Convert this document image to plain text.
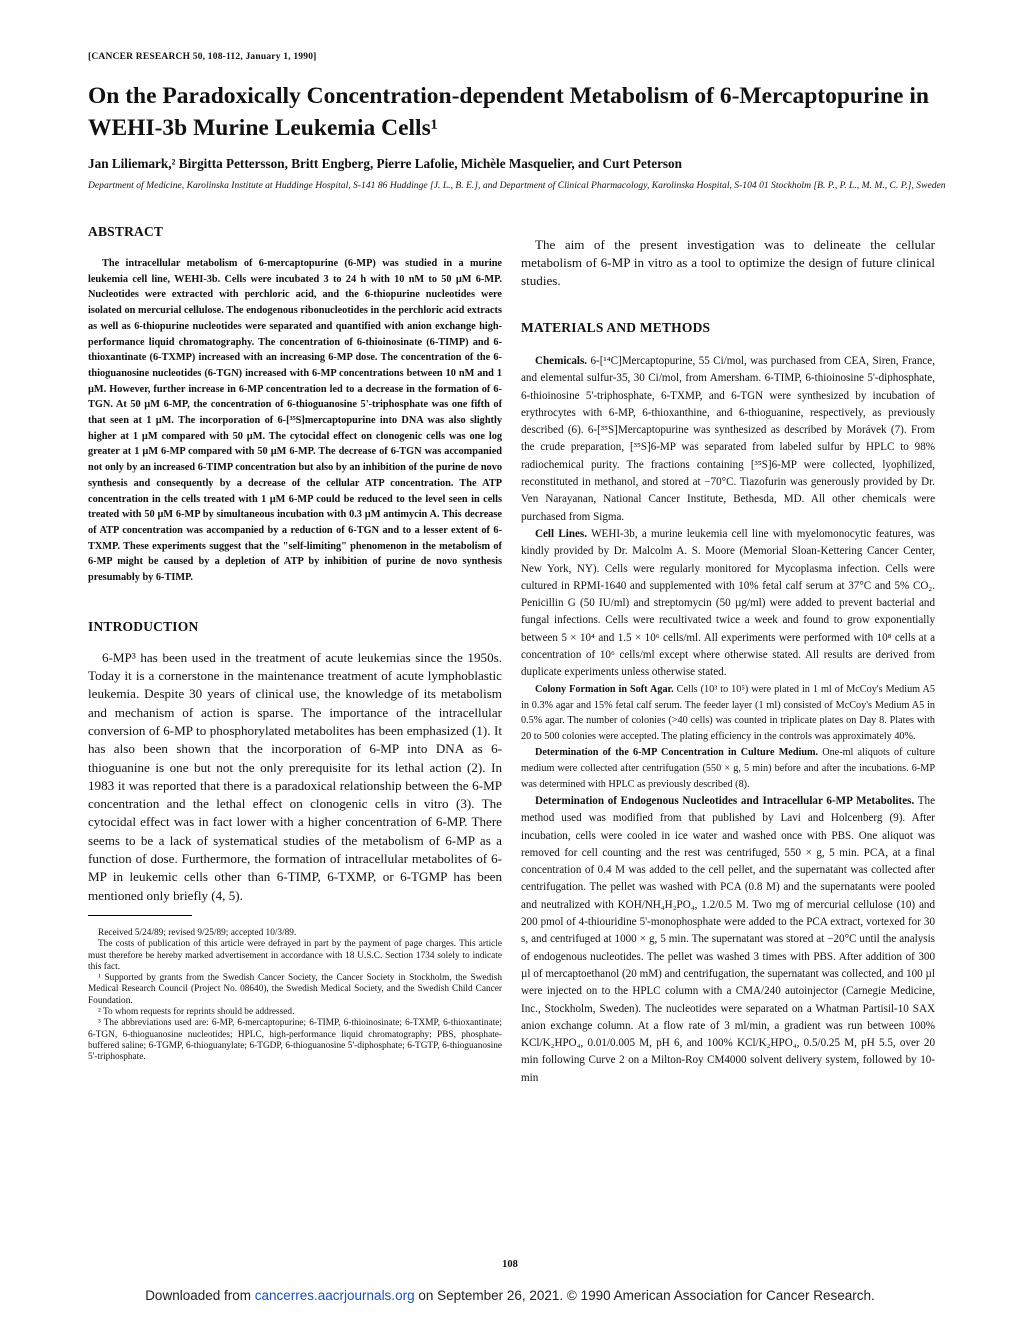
[CANCER RESEARCH 50, 108-112, January 1, 1990]
On the Paradoxically Concentration-dependent Metabolism of 6-Mercaptopurine in WEHI-3b Murine Leukemia Cells¹
Jan Liliemark,² Birgitta Pettersson, Britt Engberg, Pierre Lafolie, Michèle Masquelier, and Curt Peterson
Department of Medicine, Karolinska Institute at Huddinge Hospital, S-141 86 Huddinge [J. L., B. E.], and Department of Clinical Pharmacology, Karolinska Hospital, S-104 01 Stockholm [B. P., P. L., M. M., C. P.], Sweden
ABSTRACT

The intracellular metabolism of 6-mercaptopurine (6-MP) was studied in a murine leukemia cell line, WEHI-3b. Cells were incubated 3 to 24 h with 10 nM to 50 µM 6-MP. Nucleotides were extracted with perchloric acid, and the 6-thiopurine nucleotides were isolated on mercurial cellulose. The endogenous ribonucleotides in the perchloric acid extracts as well as 6-thiopurine nucleotides were separated and quantified with anion exchange high-performance liquid chromatography. The concentration of 6-thioinosinate (6-TIMP) and 6-thioxantinate (6-TXMP) increased with an increasing 6-MP dose. The concentration of the 6-thioguanosine nucleotides (6-TGN) increased with 6-MP concentrations between 10 nM and 1 µM. However, further increase in 6-MP concentration led to a decrease in the formation of 6-TGN. At 50 µM 6-MP, the concentration of 6-thioguanosine 5'-triphosphate was one fifth of that seen at 1 µM. The incorporation of 6-[³⁵S]mercaptopurine into DNA was also slightly higher at 1 µM compared with 50 µM. The cytocidal effect on clonogenic cells was one log greater at 1 µM 6-MP compared with 50 µM 6-MP. The decrease of 6-TGN was accompanied not only by an increased 6-TIMP concentration but also by an inhibition of the purine de novo synthesis and consequently by a decrease of the cellular ATP concentration. The ATP concentration in the cells treated with 1 µM 6-MP could be reduced to the level seen in cells treated with 50 µM 6-MP by simultaneous incubation with 0.3 µM antimycin A. This decrease of ATP concentration was accompanied by a reduction of 6-TGN and to a lesser extent of 6-TXMP. These experiments suggest that the "self-limiting" phenomenon in the metabolism of 6-MP might be caused by a depletion of ATP by inhibition of purine de novo synthesis presumably by 6-TIMP.

INTRODUCTION

6-MP³ has been used in the treatment of acute leukemias since the 1950s. Today it is a cornerstone in the maintenance treatment of acute lymphoblastic leukemia. Despite 30 years of clinical use, the knowledge of its metabolism and mechanism of action is sparse. The importance of the intracellular conversion of 6-MP to phosphorylated metabolites has been emphasized (1). It has also been shown that the incorporation of 6-MP into DNA as 6-thioguanine is one but not the only prerequisite for its lethal action (2). In 1983 it was reported that there is a paradoxical relationship between the 6-MP concentration and the lethal effect on clonogenic cells in vitro (3). The cytocidal effect was in fact lower with a higher concentration of 6-MP. There seems to be a lack of systematical studies of the metabolism of 6-MP as a function of dose. Furthermore, the formation of intracellular metabolites of 6-MP in leukemic cells other than 6-TIMP, 6-TXMP, or 6-TGMP has been mentioned only briefly (4, 5).

Received 5/24/89; revised 9/25/89; accepted 10/3/89.

The costs of publication of this article were defrayed in part by the payment of page charges. This article must therefore be hereby marked advertisement in accordance with 18 U.S.C. Section 1734 solely to indicate this fact.

¹ Supported by grants from the Swedish Cancer Society, the Cancer Society in Stockholm, the Swedish Medical Research Council (Project No. 08640), the Swedish Medical Society, and the Swedish Child Cancer Foundation.

² To whom requests for reprints should be addressed.

³ The abbreviations used are: 6-MP, 6-mercaptopurine; 6-TIMP, 6-thioinosinate; 6-TXMP, 6-thioxantinate; 6-TGN, 6-thioguanosine nucleotides; HPLC, high-performance liquid chromatography; PBS, phosphate-buffered saline; 6-TGMP, 6-thioguanylate; 6-TGDP, 6-thioguanosine 5'-diphosphate; 6-TGTP, 6-thioguanosine 5'-triphosphate.

The aim of the present investigation was to delineate the cellular metabolism of 6-MP in vitro as a tool to optimize the design of future clinical studies.

MATERIALS AND METHODS

Chemicals. 6-[¹⁴C]Mercaptopurine, 55 Ci/mol, was purchased from CEA, Siren, France, and elemental sulfur-35, 30 Ci/mol, from Amersham. 6-TIMP, 6-thioinosine 5'-diphosphate, 6-thioinosine 5'-triphosphate, 6-TXMP, and 6-TGN were synthesized by incubation of erythrocytes with 6-MP, 6-thioxanthine, and 6-thioguanine, respectively, as previously described (6). 6-[³⁵S]Mercaptopurine was synthesized as described by Morávek (7). From the crude preparation, [³⁵S]6-MP was separated from labeled sulfur by HPLC to 98% radiochemical purity. The fractions containing [³⁵S]6-MP were collected, lyophilized, reconstituted in methanol, and stored at −70°C. Tiazofurin was generously provided by Dr. Ven Narayanan, National Cancer Institute, Bethesda, MD. All other chemicals were purchased from Sigma.

Cell Lines. WEHI-3b, a murine leukemia cell line with myelomonocytic features, was kindly provided by Dr. Malcolm A. S. Moore (Memorial Sloan-Kettering Cancer Center, New York, NY). Cells were regularly monitored for Mycoplasma infection. Cells were cultured in RPMI-1640 and supplemented with 10% fetal calf serum at 37°C and 5% CO₂. Penicillin G (50 IU/ml) and streptomycin (50 µg/ml) were added to prevent bacterial and fungal infections. Cells were recultivated twice a week and found to grow exponentially between 5 × 10⁴ and 1.5 × 10⁶ cells/ml. All experiments were performed with 10⁸ cells at a concentration of 10⁶ cells/ml except where otherwise stated. All results are derived from duplicate experiments unless otherwise stated.

Colony Formation in Soft Agar. Cells (10³ to 10⁵) were plated in 1 ml of McCoy's Medium A5 in 0.3% agar and 15% fetal calf serum. The feeder layer (1 ml) consisted of McCoy's Medium A5 in 0.5% agar. The number of colonies (>40 cells) was counted in triplicate plates on Day 8. Plates with 20 to 500 colonies were accepted. The plating efficiency in the controls was approximately 40%.

Determination of the 6-MP Concentration in Culture Medium. One-ml aliquots of culture medium were collected after centrifugation (550 × g, 5 min) before and after the incubations. 6-MP was determined with HPLC as previously described (8).

Determination of Endogenous Nucleotides and Intracellular 6-MP Metabolites. The method used was modified from that published by Lavi and Holcenberg (9). After incubation, cells were cooled in ice water and washed once with PBS. One aliquot was removed for cell counting and the rest was centrifuged, 550 × g, 5 min. PCA, at a final concentration of 0.4 M was added to the cell pellet, and the supernatant was collected after centrifugation. The pellet was washed with PCA (0.8 M) and the supernatants were pooled and neutralized with KOH/NH₄H₂PO₄, 1.2/0.5 M. Two mg of mercurial cellulose (10) and 200 pmol of 4-thiouridine 5'-monophosphate were added to the PCA extract, vortexed for 30 s, and centrifuged at 1000 × g, 5 min. The supernatant was stored at −20°C until the analysis of endogenous nucleotides. The pellet was washed 3 times with PBS. After addition of 300 µl of mercaptoethanol (20 mM) and centrifugation, the supernatant was collected, and 100 µl were injected on to the HPLC column with a CMA/240 autoinjector (Carnegie Medicine, Inc., Stockholm, Sweden). The nucleotides were separated on a Whatman Partisil-10 SAX anion exchange column. At a flow rate of 3 ml/min, a gradient was run between 100% KCl/K₂HPO₄, 0.01/0.005 M, pH 6, and 100% KCl/K₂HPO₄, 0.5/0.25 M, pH 5.5, over 20 min following Curve 2 on a Milton-Roy CM4000 solvent delivery system, followed by 10-min

108
Downloaded from cancerres.aacrjournals.org on September 26, 2021. © 1990 American Association for Cancer Research.
